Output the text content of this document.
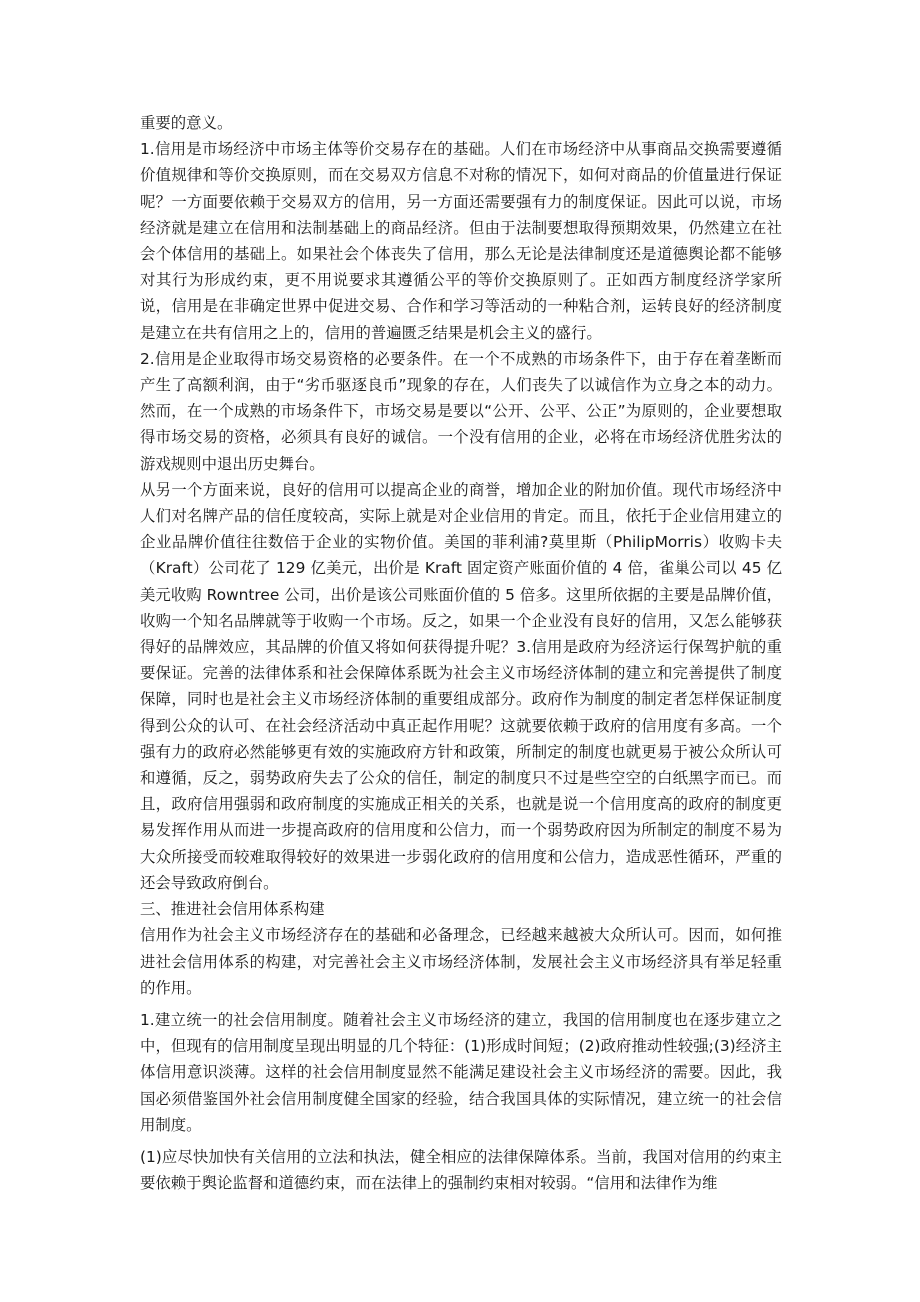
重要的意义。

1.信用是市场经济中市场主体等价交易存在的基础。人们在市场经济中从事商品交换需要遵循价值规律和等价交换原则，而在交易双方信息不对称的情况下，如何对商品的价值量进行保证呢？一方面要依赖于交易双方的信用，另一方面还需要强有力的制度保证。因此可以说，市场经济就是建立在信用和法制基础上的商品经济。但由于法制要想取得预期效果，仍然建立在社会个体信用的基础上。如果社会个体丧失了信用，那么无论是法律制度还是道德舆论都不能够对其行为形成约束，更不用说要求其遵循公平的等价交换原则了。正如西方制度经济学家所说，信用是在非确定世界中促进交易、合作和学习等活动的一种粘合剂，运转良好的经济制度是建立在共有信用之上的，信用的普遍匮乏结果是机会主义的盛行。

2.信用是企业取得市场交易资格的必要条件。在一个不成熟的市场条件下，由于存在着垄断而产生了高额利润，由于“劣币驱逐良币”现象的存在，人们丧失了以诚信作为立身之本的动力。然而，在一个成熟的市场条件下，市场交易是要以“公开、公平、公正”为原则的，企业要想取得市场交易的资格，必须具有良好的诚信。一个没有信用的企业，必将在市场经济优胜劣汰的游戏规则中退出历史舞台。

从另一个方面来说，良好的信用可以提高企业的商誉，增加企业的附加价值。现代市场经济中人们对名牌产品的信任度较高，实际上就是对企业信用的肯定。而且，依托于企业信用建立的企业品牌价值往往数倍于企业的实物价值。美国的菲利浦?莫里斯（PhilipMorris）收购卡夫（Kraft）公司花了 129 亿美元，出价是 Kraft 固定资产账面价值的 4 倍，雀巢公司以 45 亿美元收购 Rowntree 公司，出价是该公司账面价值的 5 倍多。这里所依据的主要是品牌价值，收购一个知名品牌就等于收购一个市场。反之，如果一个企业没有良好的信用，又怎么能够获得好的品牌效应，其品牌的价值又将如何获得提升呢？3.信用是政府为经济运行保驾护航的重要保证。完善的法律体系和社会保障体系既为社会主义市场经济体制的建立和完善提供了制度保障，同时也是社会主义市场经济体制的重要组成部分。政府作为制度的制定者怎样保证制度得到公众的认可、在社会经济活动中真正起作用呢？这就要依赖于政府的信用度有多高。一个强有力的政府必然能够更有效的实施政府方针和政策，所制定的制度也就更易于被公众所认可和遵循，反之，弱势政府失去了公众的信任，制定的制度只不过是些空空的白纸黑字而已。而且，政府信用强弱和政府制度的实施成正相关的关系，也就是说一个信用度高的政府的制度更易发挥作用从而进一步提高政府的信用度和公信力，而一个弱势政府因为所制定的制度不易为大众所接受而较难取得较好的效果进一步弱化政府的信用度和公信力，造成恶性循环，严重的还会导致政府倒台。

三、推进社会信用体系构建

信用作为社会主义市场经济存在的基础和必备理念，已经越来越被大众所认可。因而，如何推进社会信用体系的构建，对完善社会主义市场经济体制，发展社会主义市场经济具有举足轻重的作用。

1.建立统一的社会信用制度。随着社会主义市场经济的建立，我国的信用制度也在逐步建立之中，但现有的信用制度呈现出明显的几个特征：(1)形成时间短；(2)政府推动性较强;(3)经济主体信用意识淡薄。这样的社会信用制度显然不能满足建设社会主义市场经济的需要。因此，我国必须借鉴国外社会信用制度健全国家的经验，结合我国具体的实际情况，建立统一的社会信用制度。

(1)应尽快加快有关信用的立法和执法，健全相应的法律保障体系。当前，我国对信用的约束主要依赖于舆论监督和道德约束，而在法律上的强制约束相对较弱。“信用和法律作为维
